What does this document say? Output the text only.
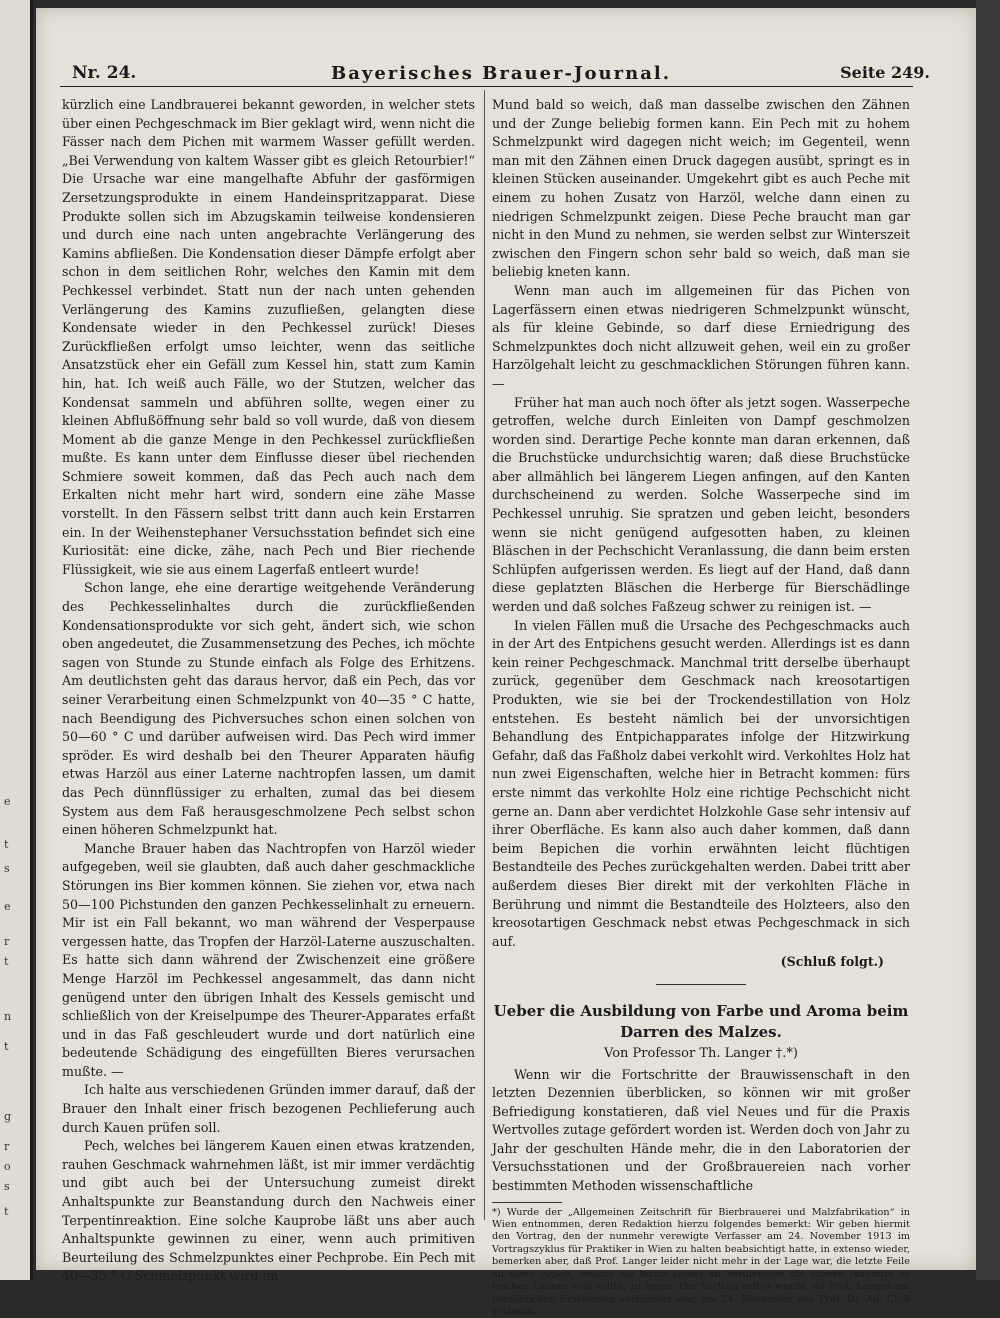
e
t
s
e
r
t
n
t
g
r
o
s
t
Nr. 24.	Bayerisches Brauer-Journal.	Seite 249.

kürzlich eine Landbrauerei bekannt geworden, in welcher stets über einen Pechgeschmack im Bier geklagt wird, wenn nicht die Fässer nach dem Pichen mit warmem Wasser gefüllt werden. „Bei Verwendung von kaltem Wasser gibt es gleich Retourbier!“ Die Ursache war eine mangelhafte Abfuhr der gasförmigen Zersetzungsprodukte in einem Handeinspritzapparat. Diese Produkte sollen sich im Abzugskamin teilweise kondensieren und durch eine nach unten angebrachte Verlängerung des Kamins abfließen. Die Kondensation dieser Dämpfe erfolgt aber schon in dem seitlichen Rohr, welches den Kamin mit dem Pechkessel verbindet. Statt nun der nach unten gehenden Verlängerung des Kamins zuzufließen, gelangten diese Kondensate wieder in den Pechkessel zurück! Dieses Zurückfließen erfolgt umso leichter, wenn das seitliche Ansatzstück eher ein Gefäll zum Kessel hin, statt zum Kamin hin, hat. Ich weiß auch Fälle, wo der Stutzen, welcher das Kondensat sammeln und abführen sollte, wegen einer zu kleinen Abflußöffnung sehr bald so voll wurde, daß von diesem Moment ab die ganze Menge in den Pechkessel zurückfließen mußte. Es kann unter dem Einflusse dieser übel riechenden Schmiere soweit kommen, daß das Pech auch nach dem Erkalten nicht mehr hart wird, sondern eine zähe Masse vorstellt. In den Fässern selbst tritt dann auch kein Erstarren ein. In der Weihenstephaner Versuchsstation befindet sich eine Kuriosität: eine dicke, zähe, nach Pech und Bier riechende Flüssigkeit, wie sie aus einem Lagerfaß entleert wurde!

Schon lange, ehe eine derartige weitgehende Veränderung des Pechkesselinhaltes durch die zurückfließenden Kondensationsprodukte vor sich geht, ändert sich, wie schon oben angedeutet, die Zusammensetzung des Peches, ich möchte sagen von Stunde zu Stunde einfach als Folge des Erhitzens. Am deutlichsten geht das daraus hervor, daß ein Pech, das vor seiner Verarbeitung einen Schmelzpunkt von 40—35 ° C hatte, nach Beendigung des Pichversuches schon einen solchen von 50—60 ° C und darüber aufweisen wird. Das Pech wird immer spröder. Es wird deshalb bei den Theurer Apparaten häufig etwas Harzöl aus einer Laterne nachtropfen lassen, um damit das Pech dünnflüssiger zu erhalten, zumal das bei diesem System aus dem Faß herausgeschmolzene Pech selbst schon einen höheren Schmelzpunkt hat.

Manche Brauer haben das Nachtropfen von Harzöl wieder aufgegeben, weil sie glaubten, daß auch daher geschmackliche Störungen ins Bier kommen können. Sie ziehen vor, etwa nach 50—100 Pichstunden den ganzen Pechkesselinhalt zu erneuern. Mir ist ein Fall bekannt, wo man während der Vesperpause vergessen hatte, das Tropfen der Harzöl-Laterne auszuschalten. Es hatte sich dann während der Zwischenzeit eine größere Menge Harzöl im Pechkessel angesammelt, das dann nicht genügend unter den übrigen Inhalt des Kessels gemischt und schließlich von der Kreiselpumpe des Theurer-Apparates erfaßt und in das Faß geschleudert wurde und dort natürlich eine bedeutende Schädigung des eingefüllten Bieres verursachen mußte. —

Ich halte aus verschiedenen Gründen immer darauf, daß der Brauer den Inhalt einer frisch bezogenen Pechlieferung auch durch Kauen prüfen soll.

Pech, welches bei längerem Kauen einen etwas kratzenden, rauhen Geschmack wahrnehmen läßt, ist mir immer verdächtig und gibt auch bei der Untersuchung zumeist direkt Anhaltspunkte zur Beanstandung durch den Nachweis einer Terpentinreaktion. Eine solche Kauprobe läßt uns aber auch Anhaltspunkte gewinnen zu einer, wenn auch primitiven Beurteilung des Schmelzpunktes einer Pechprobe. Ein Pech mit 40—35 ° C Schmelzpunkt wird im

Mund bald so weich, daß man dasselbe zwischen den Zähnen und der Zunge beliebig formen kann. Ein Pech mit zu hohem Schmelzpunkt wird dagegen nicht weich; im Gegenteil, wenn man mit den Zähnen einen Druck dagegen ausübt, springt es in kleinen Stücken auseinander. Umgekehrt gibt es auch Peche mit einem zu hohen Zusatz von Harzöl, welche dann einen zu niedrigen Schmelzpunkt zeigen. Diese Peche braucht man gar nicht in den Mund zu nehmen, sie werden selbst zur Winterszeit zwischen den Fingern schon sehr bald so weich, daß man sie beliebig kneten kann.

Wenn man auch im allgemeinen für das Pichen von Lagerfässern einen etwas niedrigeren Schmelzpunkt wünscht, als für kleine Gebinde, so darf diese Erniedrigung des Schmelzpunktes doch nicht allzuweit gehen, weil ein zu großer Harzölgehalt leicht zu geschmacklichen Störungen führen kann. —

Früher hat man auch noch öfter als jetzt sogen. Wasserpeche getroffen, welche durch Einleiten von Dampf geschmolzen worden sind. Derartige Peche konnte man daran erkennen, daß die Bruchstücke undurchsichtig waren; daß diese Bruchstücke aber allmählich bei längerem Liegen anfingen, auf den Kanten durchscheinend zu werden. Solche Wasserpeche sind im Pechkessel unruhig. Sie spratzen und geben leicht, besonders wenn sie nicht genügend aufgesotten haben, zu kleinen Bläschen in der Pechschicht Veranlassung, die dann beim ersten Schlüpfen aufgerissen werden. Es liegt auf der Hand, daß dann diese geplatzten Bläschen die Herberge für Bierschädlinge werden und daß solches Faßzeug schwer zu reinigen ist. —

In vielen Fällen muß die Ursache des Pechgeschmacks auch in der Art des Entpichens gesucht werden. Allerdings ist es dann kein reiner Pechgeschmack. Manchmal tritt derselbe überhaupt zurück, gegenüber dem Geschmack nach kreosotartigen Produkten, wie sie bei der Trockendestillation von Holz entstehen. Es besteht nämlich bei der unvorsichtigen Behandlung des Entpichapparates infolge der Hitzwirkung Gefahr, daß das Faßholz dabei verkohlt wird. Verkohltes Holz hat nun zwei Eigenschaften, welche hier in Betracht kommen: fürs erste nimmt das verkohlte Holz eine richtige Pechschicht nicht gerne an. Dann aber verdichtet Holzkohle Gase sehr intensiv auf ihrer Oberfläche. Es kann also auch daher kommen, daß dann beim Bepichen die vorhin erwähnten leicht flüchtigen Bestandteile des Peches zurückgehalten werden. Dabei tritt aber außerdem dieses Bier direkt mit der verkohlten Fläche in Berührung und nimmt die Bestandteile des Holzteers, also den kreosotartigen Geschmack nebst etwas Pechgeschmack in sich auf.

(Schluß folgt.)

Ueber die Ausbildung von Farbe und Aroma beim Darren des Malzes.

Von Professor Th. Langer †.*)

Wenn wir die Fortschritte der Brauwissenschaft in den letzten Dezennien überblicken, so können wir mit großer Befriedigung konstatieren, daß viel Neues und für die Praxis Wertvolles zutage gefördert worden ist. Werden doch von Jahr zu Jahr der geschulten Hände mehr, die in den Laboratorien der Versuchsstationen und der Großbrauereien nach vorher bestimmten Methoden wissenschaftliche

*) Wurde der „Allgemeinen Zeitschrift für Bierbrauerei und Malzfabrikation“ in Wien entnommen, deren Redaktion hierzu folgendes bemerkt: Wir geben hiermit den Vortrag, den der nunmehr verewigte Verfasser am 24. November 1913 im Vortragszyklus für Praktiker in Wien zu halten beabsichtigt hatte, in extenso wieder, bemerken aber, daß Prof. Langer leider nicht mehr in der Lage war, die letzte Feile an diese Arbeit, welche die letzte seines an Verdiensten für unsere Industrie so reichen Lebens sein sollte, zu legen. Der Vortrag selbst wurde, da Prof. Langer am persönlichen Erscheinen verhindert war, am 24. November von Prof. Dr. Ad. Cluß verlesen.
